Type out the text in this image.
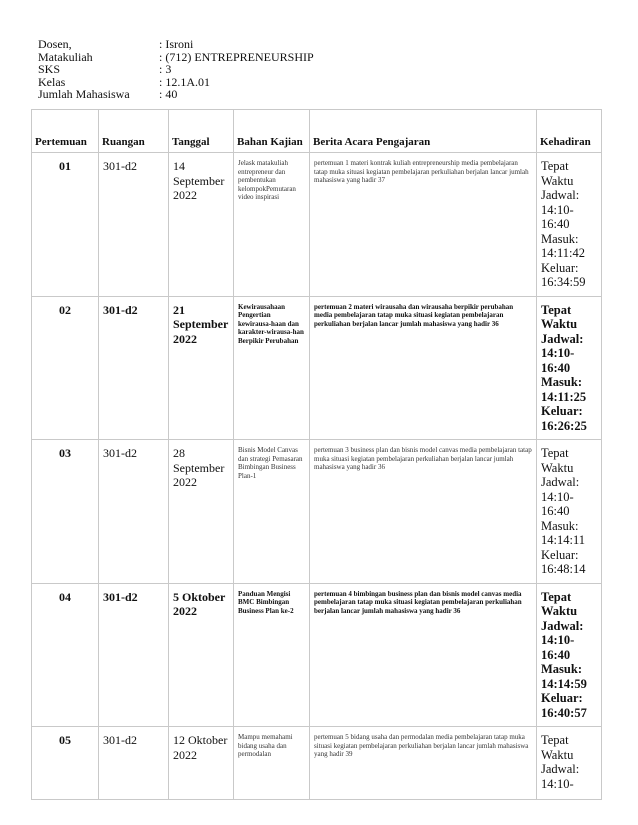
Dosen,	: Isroni
Matakuliah	: (712) ENTREPRENEURSHIP
SKS	: 3
Kelas	: 12.1A.01
Jumlah Mahasiswa	: 40
Pertemuan	Ruangan	Tanggal	Bahan Kajian	Berita Acara Pengajaran	Kehadiran
01	301-d2	14 September 2022	Jelask matakuliah entrepreneur dan pembentukan kelompokPemutaran video inspirasi	pertemuan 1 materi kontrak kuliah entrepreneurship media pembelajaran tatap muka situasi kegiatan pembelajaran perkuliahan berjalan lancar jumlah mahasiswa yang hadir 37	Tepat Waktu Jadwal: 14:10-16:40 Masuk: 14:11:42 Keluar: 16:34:59
02	301-d2	21 September 2022	Kewirausahaan Pengertian kewirausa-haan dan karakter-wirausa-han Berpikir Perubahan	pertemuan 2 materi wirausaha dan wirausaha berpikir perubahan media pembelajaran tatap muka situasi kegiatan pembelajaran perkuliahan berjalan lancar jumlah mahasiswa yang hadir 36	Tepat Waktu Jadwal: 14:10-16:40 Masuk: 14:11:25 Keluar: 16:26:25
03	301-d2	28 September 2022	Bisnis Model Canvas dan strategi Pemasaran Bimbingan Business Plan-1	pertemuan 3 business plan dan bisnis model canvas media pembelajaran tatap muka situasi kegiatan pembelajaran perkuliahan berjalan lancar jumlah mahasiswa yang hadir 36	Tepat Waktu Jadwal: 14:10-16:40 Masuk: 14:14:11 Keluar: 16:48:14
04	301-d2	5 Oktober 2022	Panduan Mengisi BMC Bimbingan Business Plan ke-2	pertemuan 4 bimbingan business plan dan bisnis model canvas media pembelajaran tatap muka situasi kegiatan pembelajaran perkuliahan berjalan lancar jumlah mahasiswa yang hadir 36	Tepat Waktu Jadwal: 14:10-16:40 Masuk: 14:14:59 Keluar: 16:40:57
05	301-d2	12 Oktober 2022	Mampu memahami bidang usaha dan permodalan	pertemuan 5 bidang usaha dan permodalan media pembelajaran tatap muka situasi kegiatan pembelajaran perkuliahan berjalan lancar jumlah mahasiswa yang hadir 39	Tepat Waktu Jadwal: 14:10-
